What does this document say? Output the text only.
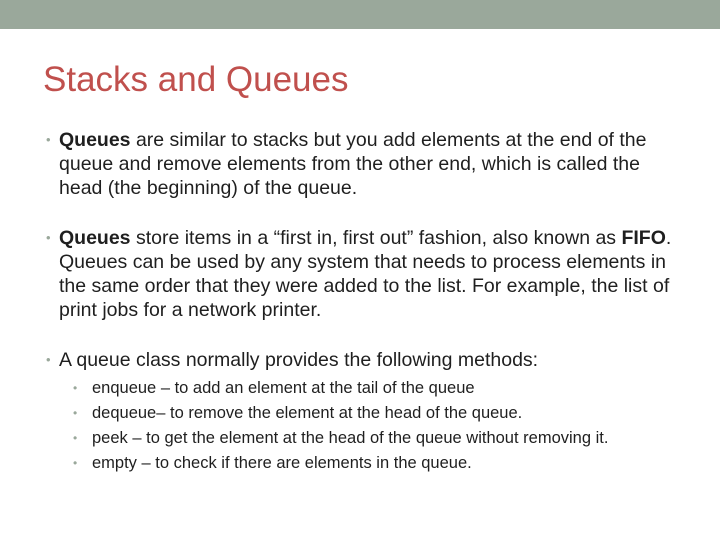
Stacks and Queues

• Queues are similar to stacks but you add elements at the end of the queue and remove elements from the other end, which is called the head (the beginning) of the queue.

• Queues store items in a “first in, first out” fashion, also known as FIFO. Queues can be used by any system that needs to process elements in the same order that they were added to the list. For example, the list of print jobs for a network printer.

• A queue class normally provides the following methods:
• enqueue – to add an element at the tail of the queue
• dequeue– to remove the element at the head of the queue.
• peek – to get the element at the head of the queue without removing it.
• empty – to check if there are elements in the queue.
